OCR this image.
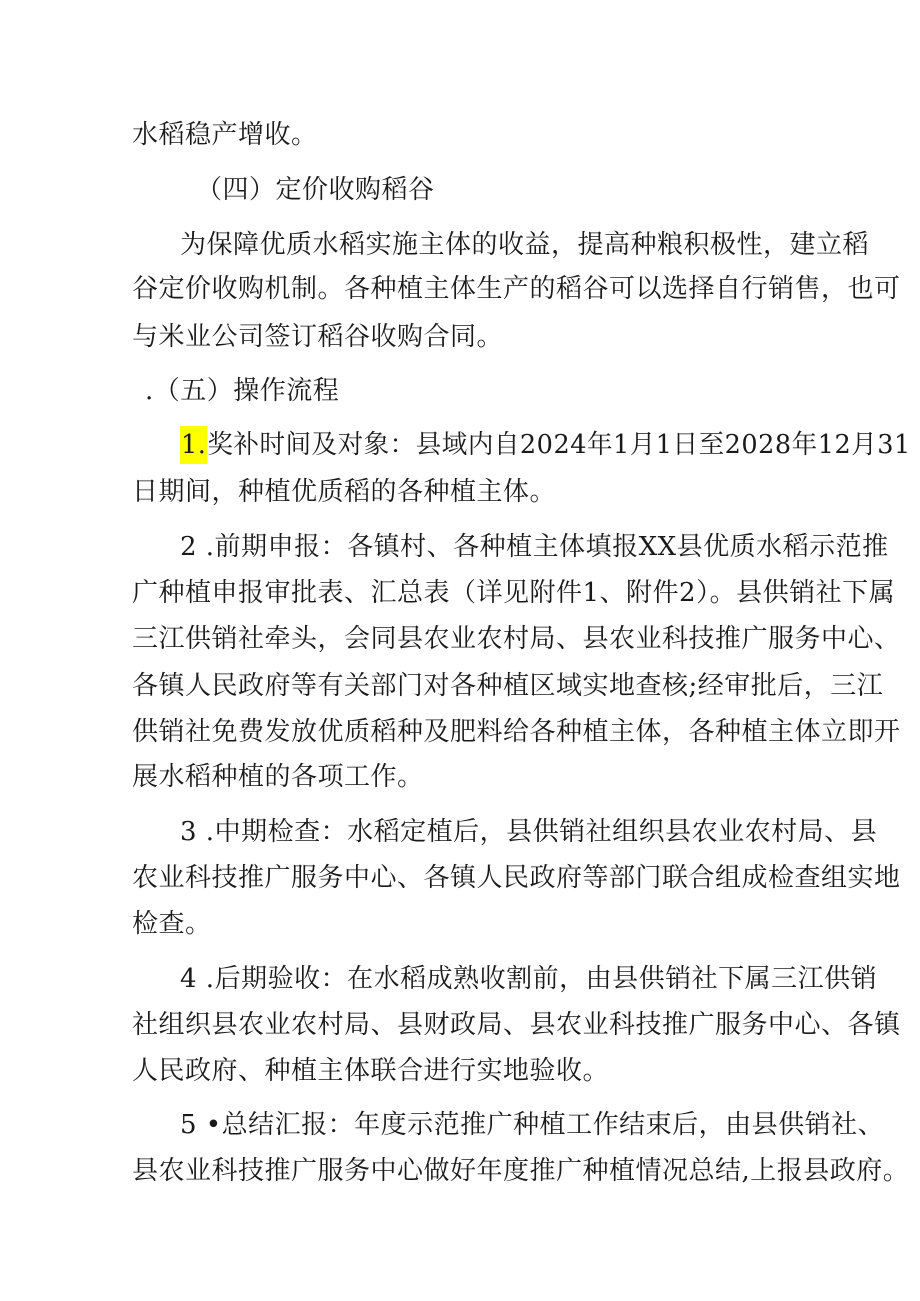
水稻稳产增收。
（四）定价收购稻谷
为保障优质水稻实施主体的收益，提高种粮积极性，建立稻
谷定价收购机制。各种植主体生产的稻谷可以选择自行销售，也可
与米业公司签订稻谷收购合同。
.（五）操作流程
1.奖补时间及对象：县域内自2024年1月1日至2028年12月31
日期间，种植优质稻的各种植主体。
2 .前期申报：各镇村、各种植主体填报XX县优质水稻示范推
广种植申报审批表、汇总表（详见附件1、附件2）。县供销社下属
三江供销社牵头，会同县农业农村局、县农业科技推广服务中心、
各镇人民政府等有关部门对各种植区域实地查核;经审批后，三江
供销社免费发放优质稻种及肥料给各种植主体，各种植主体立即开
展水稻种植的各项工作。
3 .中期检查：水稻定植后，县供销社组织县农业农村局、县
农业科技推广服务中心、各镇人民政府等部门联合组成检查组实地
检查。
4 .后期验收：在水稻成熟收割前，由县供销社下属三江供销
社组织县农业农村局、县财政局、县农业科技推广服务中心、各镇
人民政府、种植主体联合进行实地验收。
5 •总结汇报：年度示范推广种植工作结束后，由县供销社、
县农业科技推广服务中心做好年度推广种植情况总结,上报县政府。
